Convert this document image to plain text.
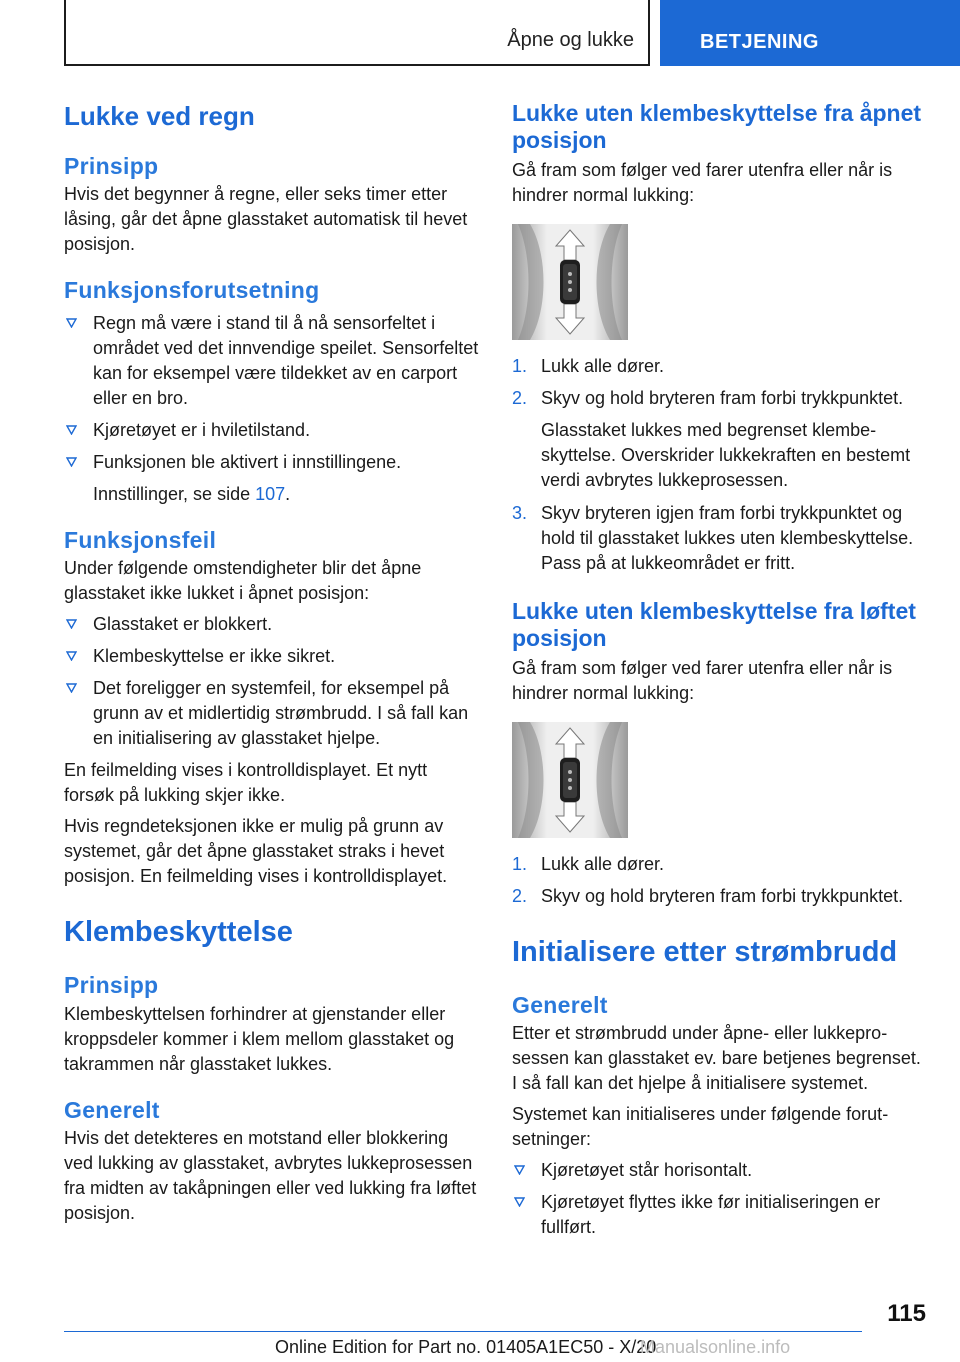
Åpne og lukke	BETJENING
Lukke ved regn
Prinsipp
Hvis det begynner å regne, eller seks timer etter låsing, går det åpne glasstaket automatisk til hevet posisjon.
Funksjonsforutsetning
Regn må være i stand til å nå sensorfeltet i området ved det innvendige speilet. Sensorfeltet kan for eksempel være tildekket av en carport eller en bro.
Kjøretøyet er i hviletilstand.
Funksjonen ble aktivert i innstillingene.
Innstillinger, se side 107.
Funksjonsfeil
Under følgende omstendigheter blir det åpne glasstaket ikke lukket i åpnet posisjon:
Glasstaket er blokkert.
Klembeskyttelse er ikke sikret.
Det foreligger en systemfeil, for eksempel på grunn av et midlertidig strømbrudd. I så fall kan en initialisering av glasstaket hjelpe.
En feilmelding vises i kontrolldisplayet. Et nytt forsøk på lukking skjer ikke.
Hvis regndeteksjonen ikke er mulig på grunn av systemet, går det åpne glasstaket straks i hevet posisjon. En feilmelding vises i kontrolldisplayet.
Klembeskyttelse
Prinsipp
Klembeskyttelsen forhindrer at gjenstander eller kroppsdeler kommer i klem mellom glasstaket og takrammen når glasstaket lukkes.
Generelt
Hvis det detekteres en motstand eller blokkering ved lukking av glasstaket, avbrytes lukkeprosessen fra midten av takåpningen eller ved lukking fra løftet posisjon.
Lukke uten klembeskyttelse fra åpnet posisjon
Gå fram som følger ved farer utenfra eller når is hindrer normal lukking:
1. Lukk alle dører.
2. Skyv og hold bryteren fram forbi trykkpunktet.
Glasstaket lukkes med begrenset klembeskyttelse. Overskrider lukkekraften en bestemt verdi avbrytes lukkeprosessen.
3. Skyv bryteren igjen fram forbi trykkpunktet og hold til glasstaket lukkes uten klembeskyttelse. Pass på at lukkeområdet er fritt.
Lukke uten klembeskyttelse fra løftet posisjon
Gå fram som følger ved farer utenfra eller når is hindrer normal lukking:
1. Lukk alle dører.
2. Skyv og hold bryteren fram forbi trykkpunktet.
Initialisere etter strømbrudd
Generelt
Etter et strømbrudd under åpne- eller lukkeprosessen kan glasstaket ev. bare betjenes begrenset. I så fall kan det hjelpe å initialisere systemet.
Systemet kan initialiseres under følgende forutsetninger:
Kjøretøyet står horisontalt.
Kjøretøyet flyttes ikke før initialiseringen er fullført.
115
Online Edition for Part no. 01405A1EC50 - X/20
Manualsonline.info
